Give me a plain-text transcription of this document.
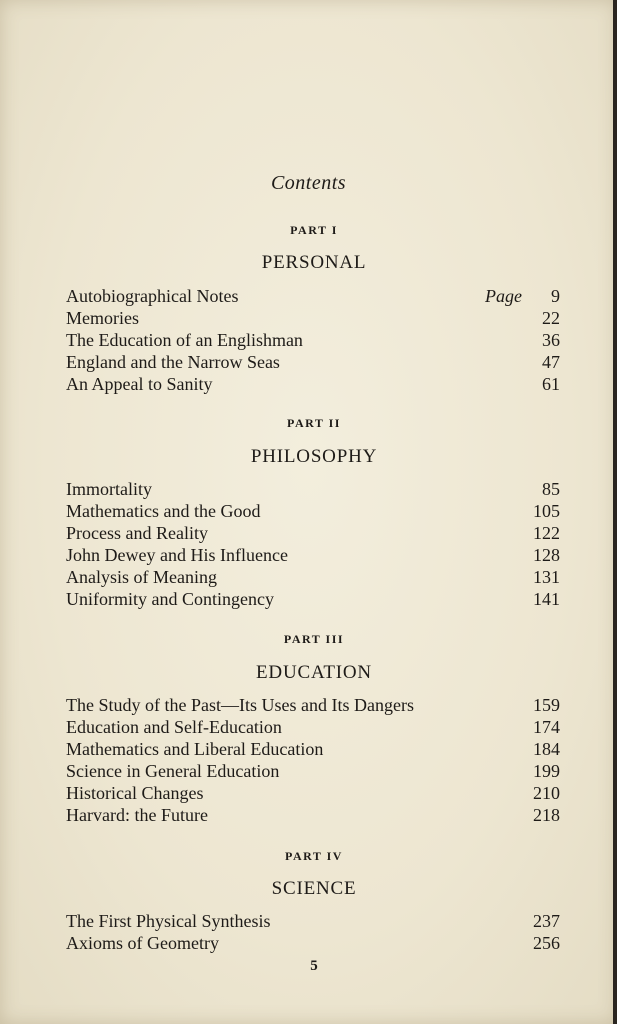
Contents
PART I
PERSONAL
Autobiographical Notes	Page 9
Memories	22
The Education of an Englishman	36
England and the Narrow Seas	47
An Appeal to Sanity	61
PART II
PHILOSOPHY
Immortality	85
Mathematics and the Good	105
Process and Reality	122
John Dewey and His Influence	128
Analysis of Meaning	131
Uniformity and Contingency	141
PART III
EDUCATION
The Study of the Past—Its Uses and Its Dangers	159
Education and Self-Education	174
Mathematics and Liberal Education	184
Science in General Education	199
Historical Changes	210
Harvard: the Future	218
PART IV
SCIENCE
The First Physical Synthesis	237
Axioms of Geometry	256
5
